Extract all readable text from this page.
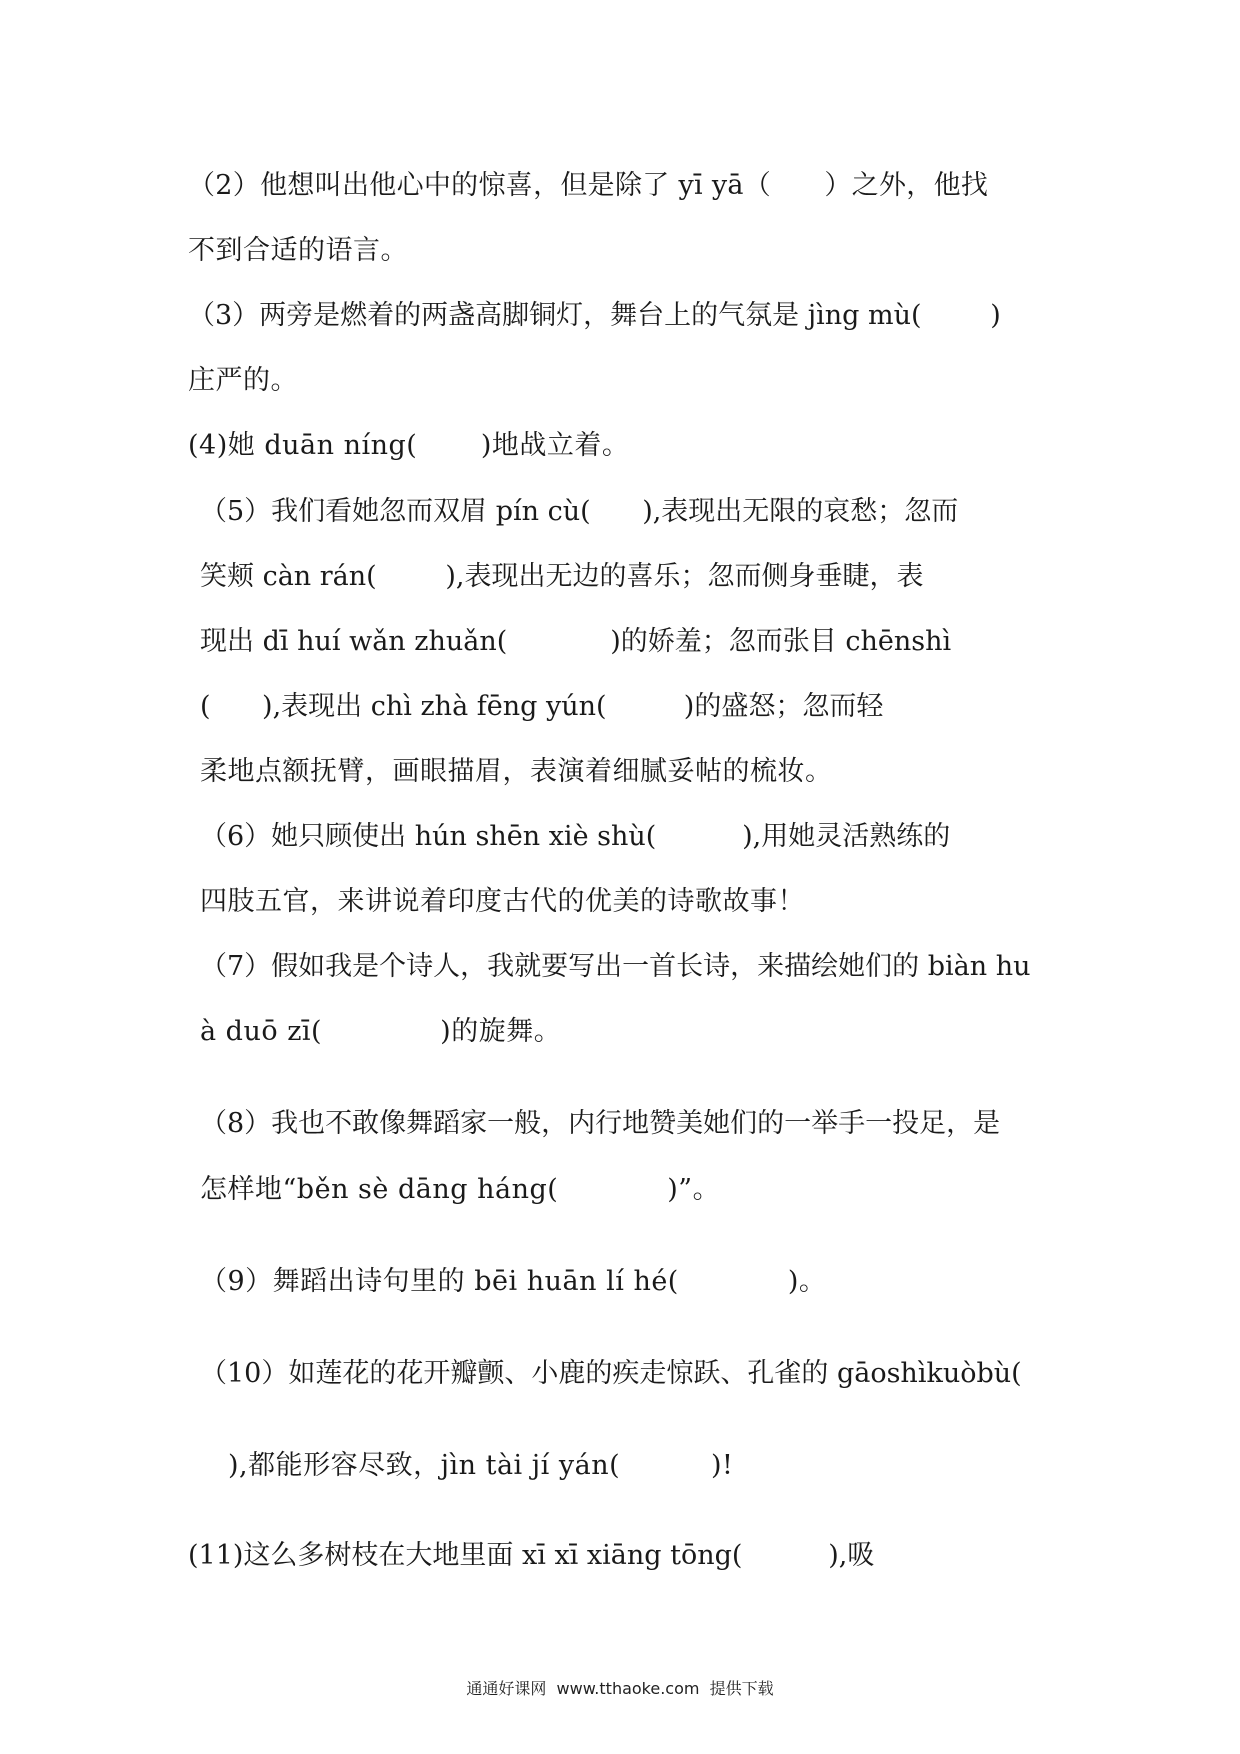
（2）他想叫出他心中的惊喜，但是除了 yī yā（      ）之外，他找
不到合适的语言。
（3）两旁是燃着的两盏高脚铜灯，舞台上的气氛是 jìng mù(        )
庄严的。
(4)她 duān níng(       )地战立着。
（5）我们看她忽而双眉 pín cù(      ),表现出无限的哀愁；忽而
笑颊 càn rán(        ),表现出无边的喜乐；忽而侧身垂睫，表
现出 dī huí wǎn zhuǎn(            )的娇羞；忽而张目 chēnshì
(      ),表现出 chì zhà fēng yún(         )的盛怒；忽而轻
柔地点额抚臂，画眼描眉，表演着细腻妥帖的梳妆。
（6）她只顾使出 hún shēn xiè shù(          ),用她灵活熟练的
四肢五官，来讲说着印度古代的优美的诗歌故事！
（7）假如我是个诗人，我就要写出一首长诗，来描绘她们的 biàn hu
à duō zī(             )的旋舞。
（8）我也不敢像舞蹈家一般，内行地赞美她们的一举手一投足，是
怎样地“běn sè dāng háng(            )”。
（9）舞蹈出诗句里的 bēi huān lí hé(            )。
（10）如莲花的花开瓣颤、小鹿的疾走惊跃、孔雀的 gāoshìkuòbù(
),都能形容尽致，jìn tài jí yán(          )!
(11)这么多树枝在大地里面 xī xī xiāng tōng(          ),吸
通通好课网  www.tthaoke.com  提供下载
